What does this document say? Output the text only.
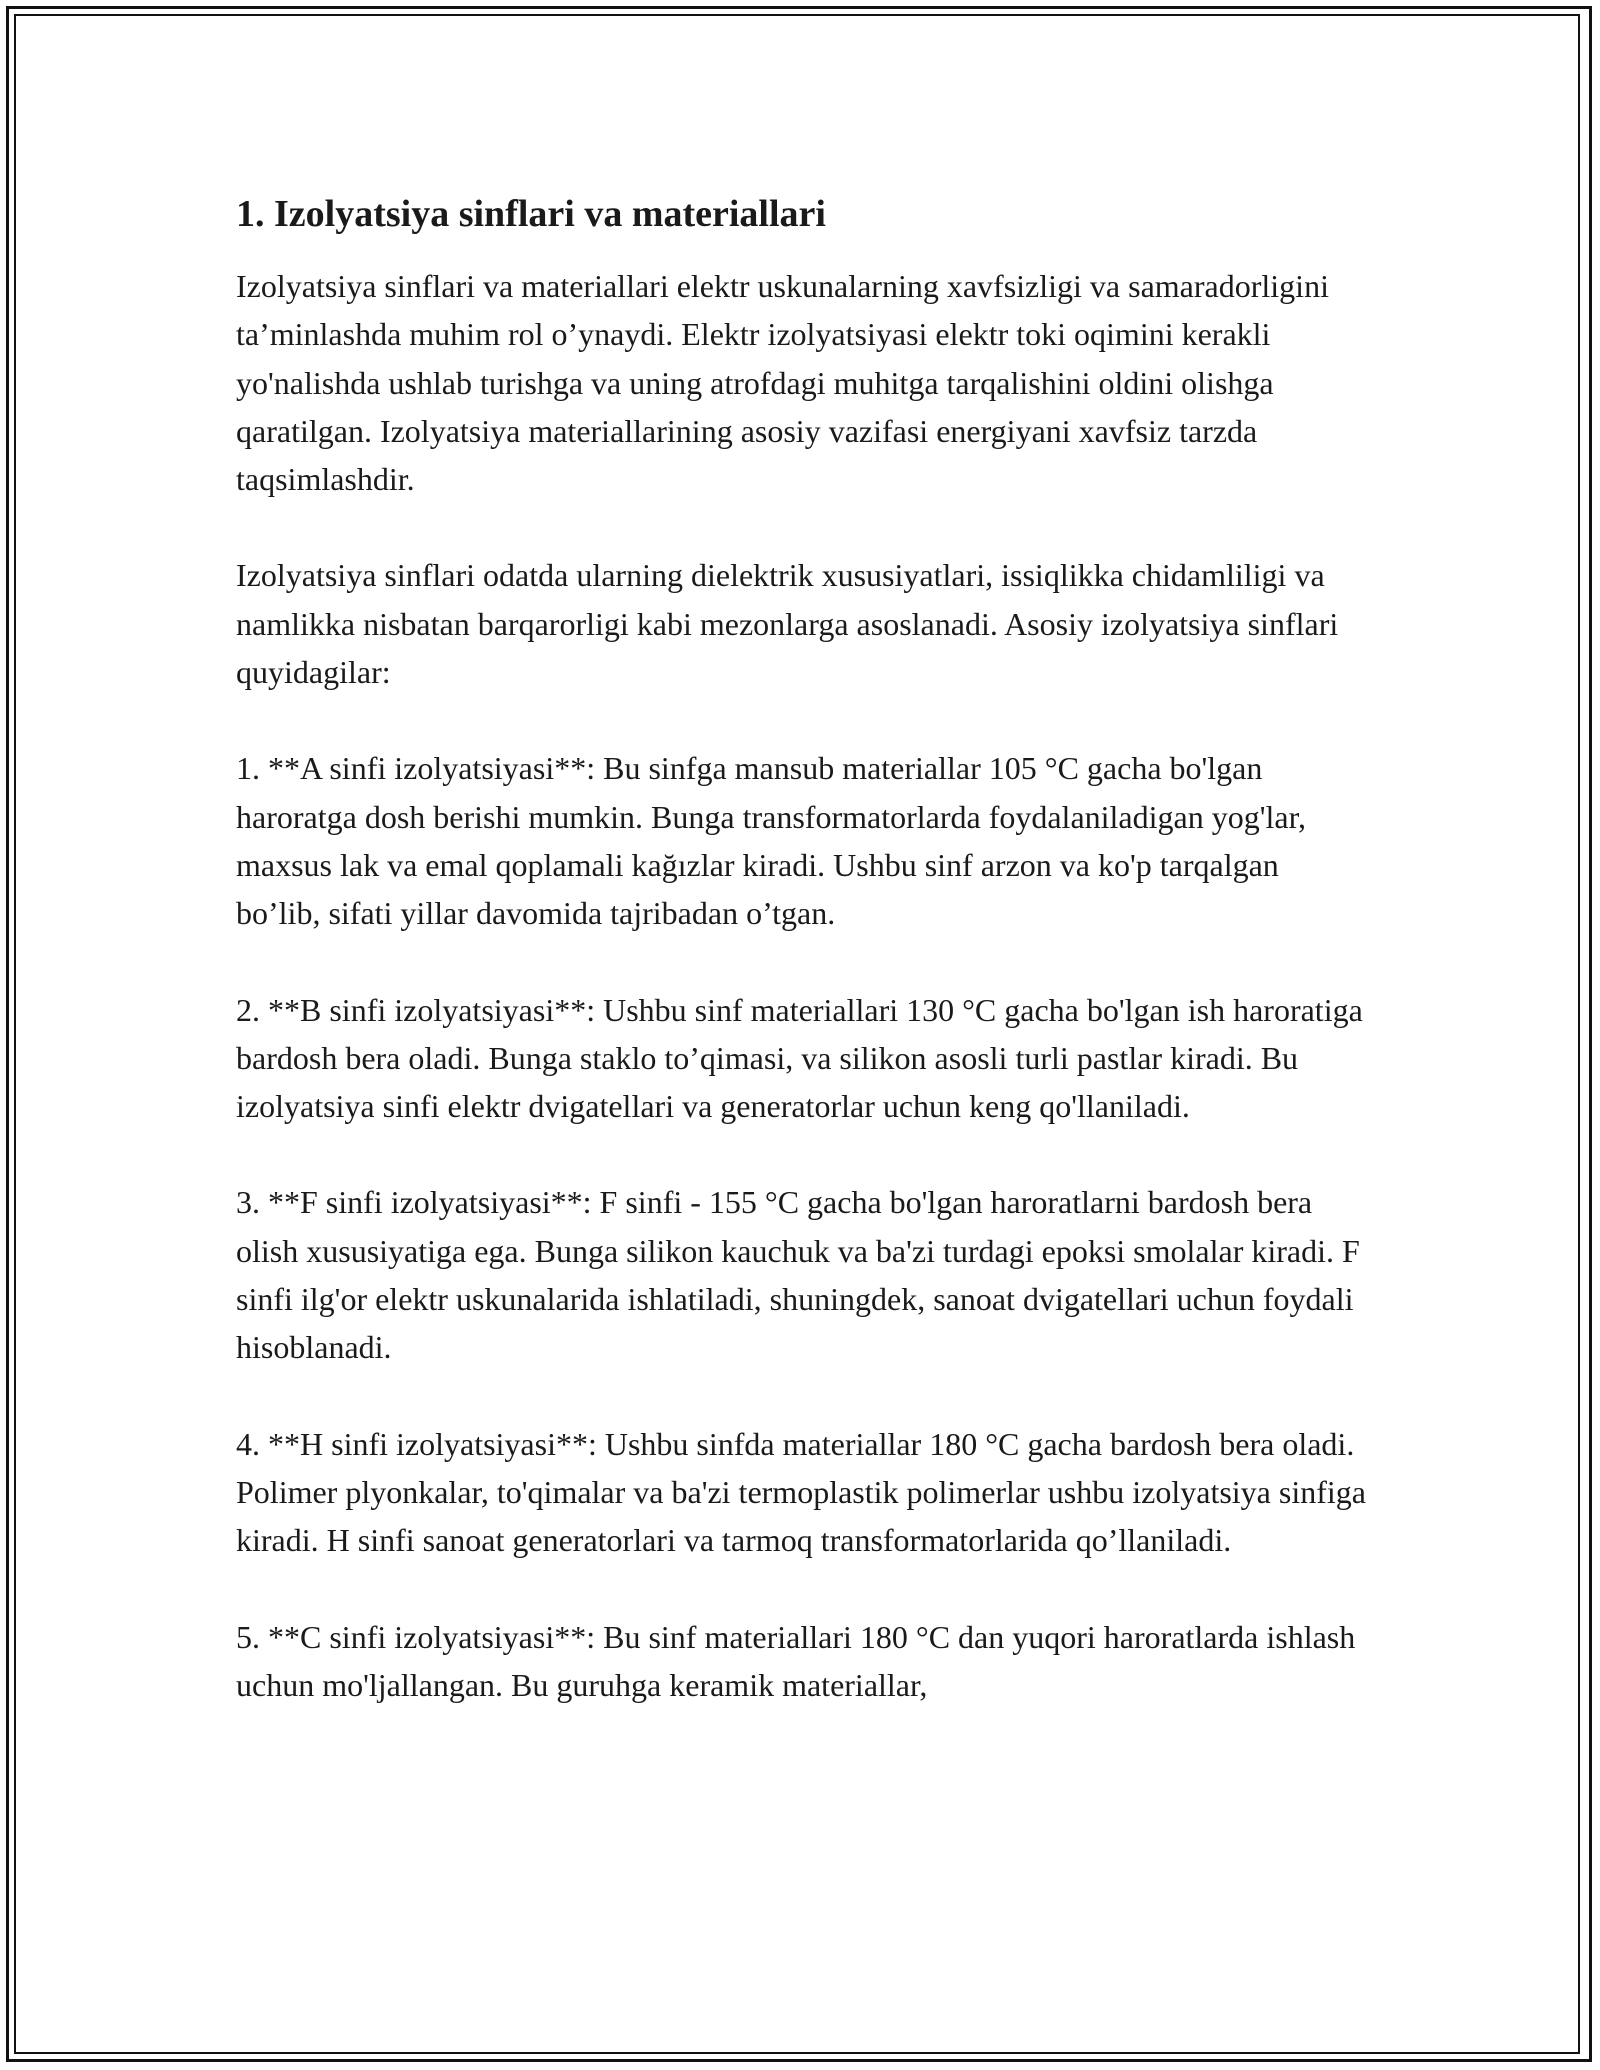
1. Izolyatsiya sinflari va materiallari

Izolyatsiya sinflari va materiallari elektr uskunalarning xavfsizligi va samaradorligini ta’minlashda muhim rol o’ynaydi. Elektr izolyatsiyasi elektr toki oqimini kerakli yo'nalishda ushlab turishga va uning atrofdagi muhitga tarqalishini oldini olishga qaratilgan. Izolyatsiya materiallarining asosiy vazifasi energiyani xavfsiz tarzda taqsimlashdir.

Izolyatsiya sinflari odatda ularning dielektrik xususiyatlari, issiqlikka chidamliligi va namlikka nisbatan barqarorligi kabi mezonlarga asoslanadi. Asosiy izolyatsiya sinflari quyidagilar:

1. **A sinfi izolyatsiyasi**: Bu sinfga mansub materiallar 105 °C gacha bo'lgan haroratga dosh berishi mumkin. Bunga transformatorlarda foydalaniladigan yog'lar, maxsus lak va emal qoplamali kağızlar kiradi. Ushbu sinf arzon va ko'p tarqalgan bo’lib, sifati yillar davomida tajribadan o’tgan.

2. **B sinfi izolyatsiyasi**: Ushbu sinf materiallari 130 °C gacha bo'lgan ish haroratiga bardosh bera oladi. Bunga staklo to’qimasi, va silikon asosli turli pastlar kiradi. Bu izolyatsiya sinfi elektr dvigatellari va generatorlar uchun keng qo'llaniladi.

3. **F sinfi izolyatsiyasi**: F sinfi - 155 °C gacha bo'lgan haroratlarni bardosh bera olish xususiyatiga ega. Bunga silikon kauchuk va ba'zi turdagi epoksi smolalar kiradi. F sinfi ilg'or elektr uskunalarida ishlatiladi, shuningdek, sanoat dvigatellari uchun foydali hisoblanadi.

4. **H sinfi izolyatsiyasi**: Ushbu sinfda materiallar 180 °C gacha bardosh bera oladi. Polimer plyonkalar, to'qimalar va ba'zi termoplastik polimerlar ushbu izolyatsiya sinfiga kiradi. H sinfi sanoat generatorlari va tarmoq transformatorlarida qo’llaniladi.

5. **C sinfi izolyatsiyasi**: Bu sinf materiallari 180 °C dan yuqori haroratlarda ishlash uchun mo'ljallangan. Bu guruhga keramik materiallar,
